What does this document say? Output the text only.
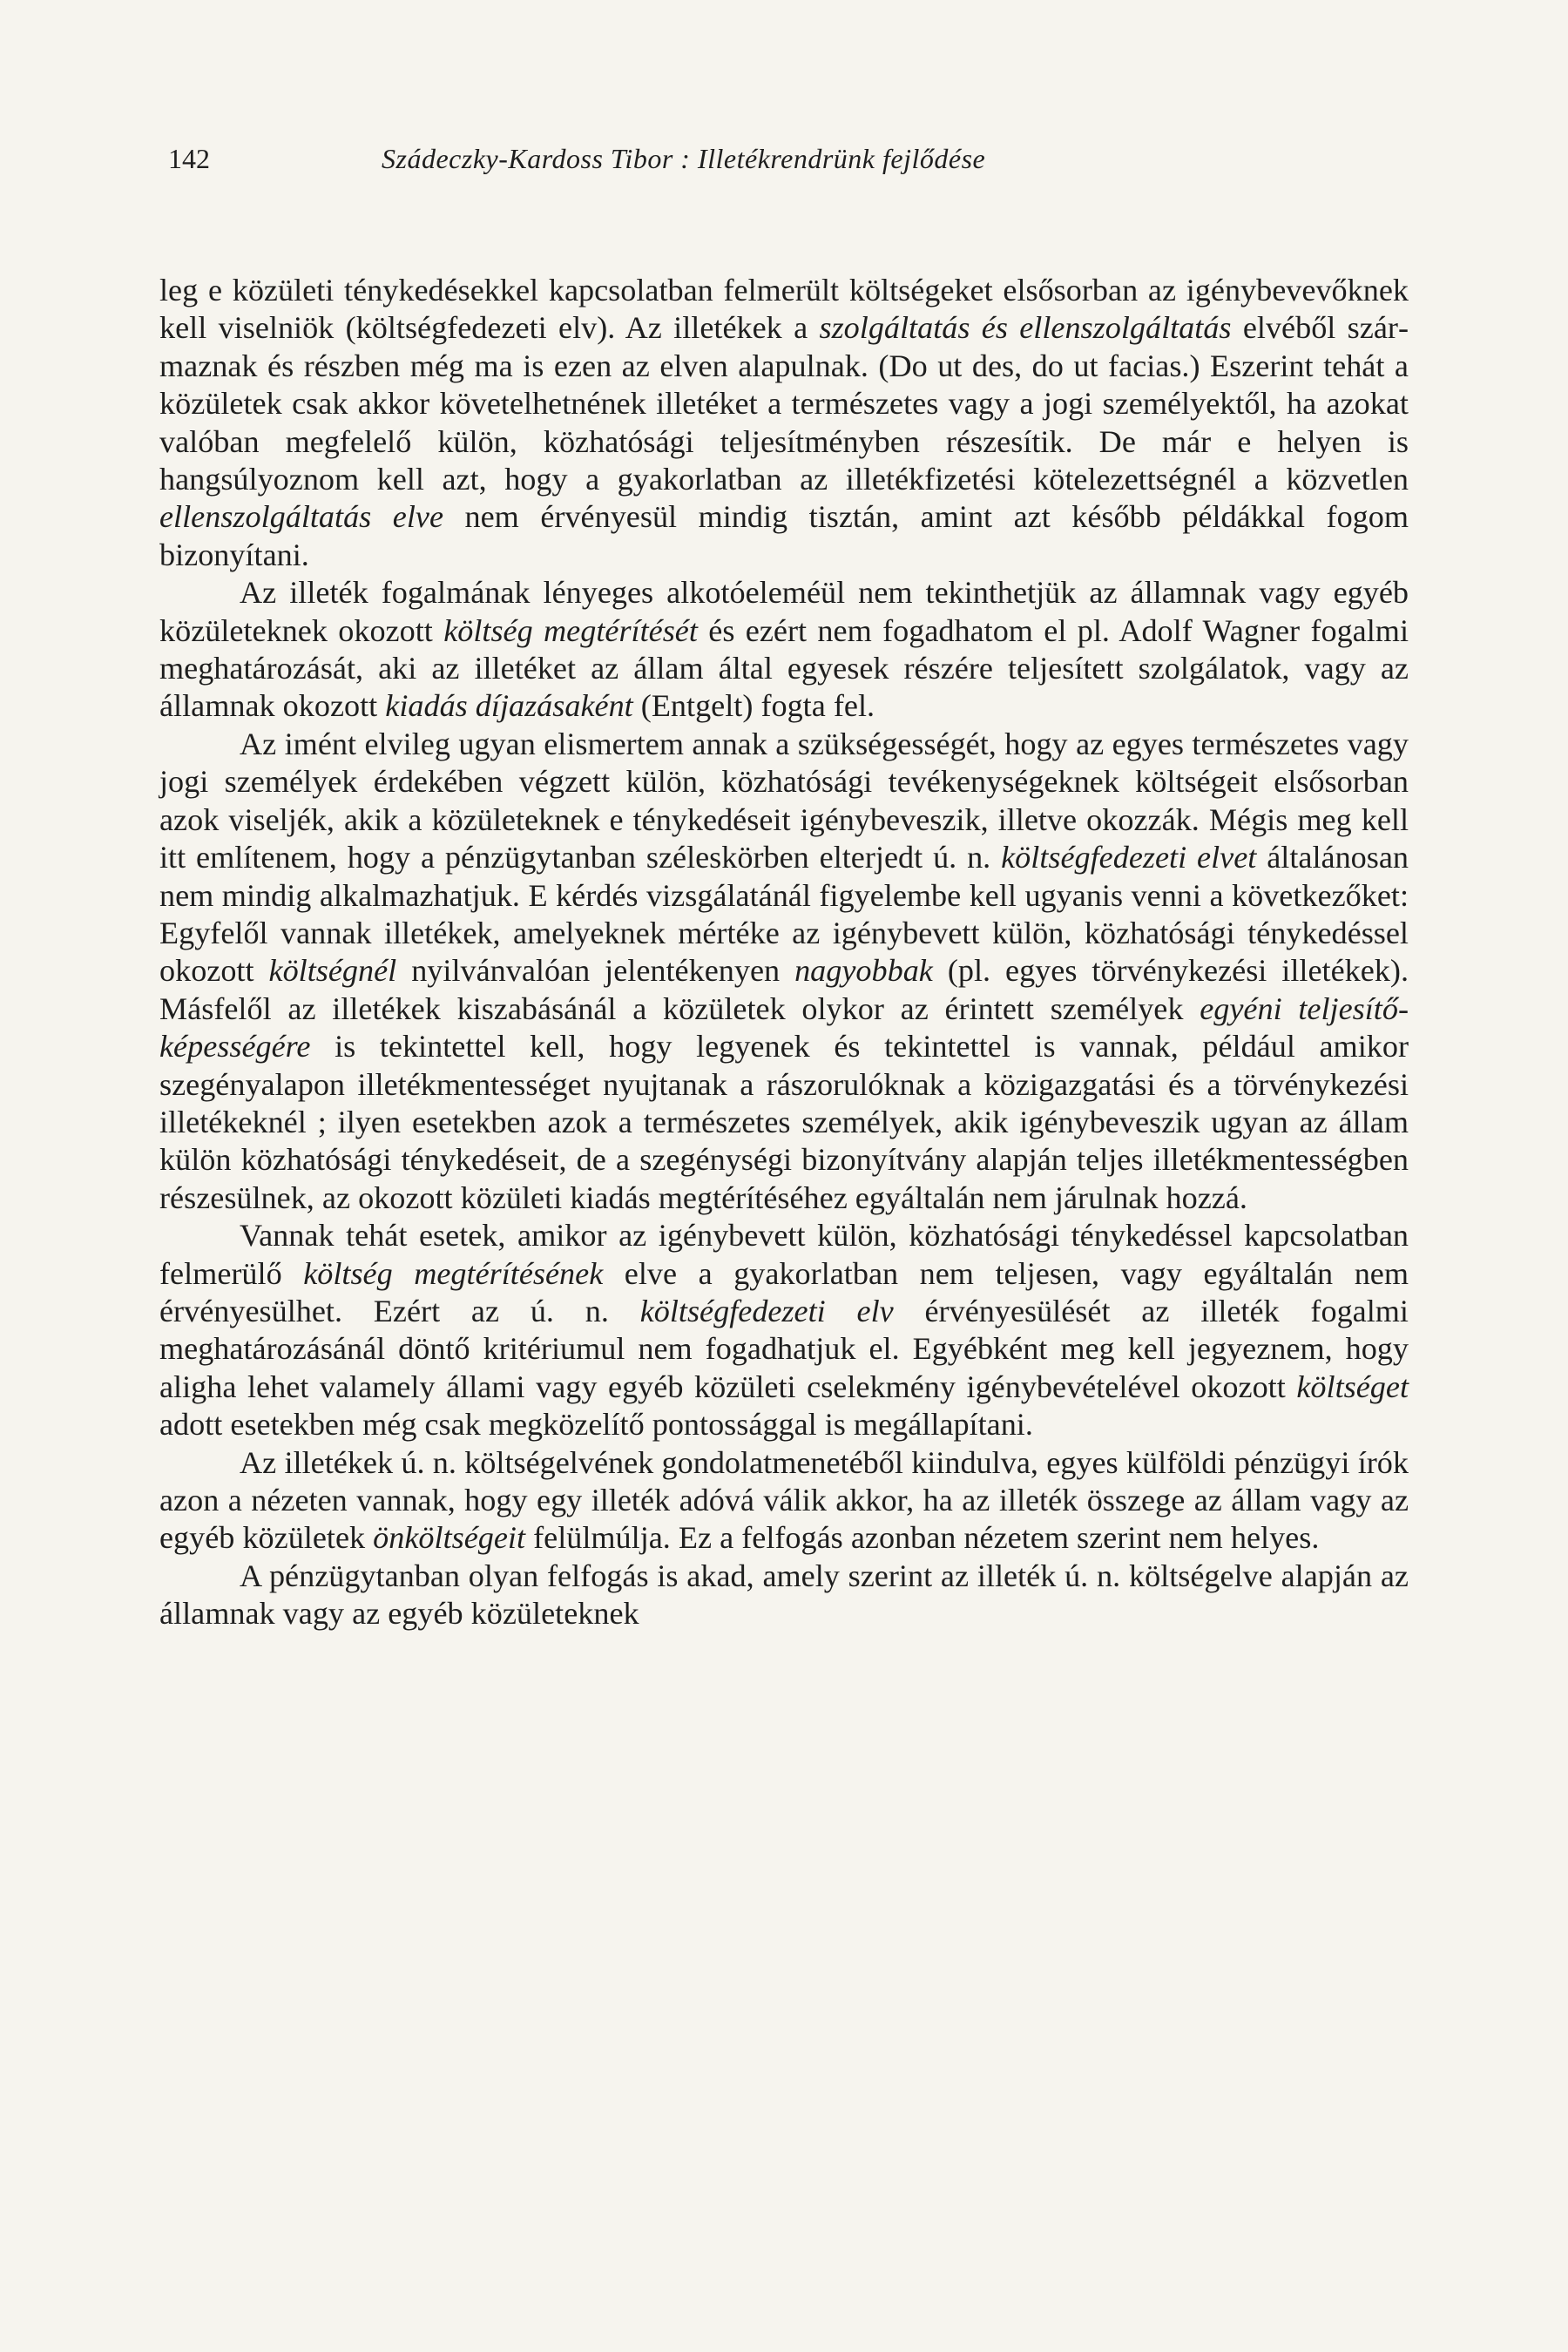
142	Szádeczky-Kardoss Tibor : Illetékrendrünk fejlődése

leg e közületi ténykedésekkel kapcsolatban felmerült költségeket elsősorban az igénybevevőknek kell viselniök (költségfedezeti elv). Az illetékek a szolgáltatás és ellenszolgáltatás elvéből származnak és részben még ma is ezen az elven alapulnak. (Do ut des, do ut facias.) Eszerint tehát a közületek csak akkor követelhetnének illetéket a természetes vagy a jogi személyektől, ha azokat valóban megfelelő külön, közhatósági teljesítményben részesítik. De már e helyen is hangsúlyoznom kell azt, hogy a gyakorlatban az illetékfizetési kötelezettségnél a közvetlen ellenszolgáltatás elve nem érvényesül mindig tisztán, amint azt később példákkal fogom bizonyítani.

Az illeték fogalmának lényeges alkotóeleméül nem tekinthetjük az államnak vagy egyéb közületeknek okozott költség megtérítését és ezért nem fogadhatom el pl. Adolf Wagner fogalmi meghatározását, aki az illetéket az állam által egyesek részére teljesített szolgálatok, vagy az államnak okozott kiadás díjazásaként (Entgelt) fogta fel.

Az imént elvileg ugyan elismertem annak a szükségességét, hogy az egyes természetes vagy jogi személyek érdekében végzett külön, közhatósági tevékenységeknek költségeit elsősorban azok viseljék, akik a közületeknek e ténykedéseit igénybeveszik, illetve okozzák. Mégis meg kell itt említenem, hogy a pénzügytanban széleskörben elterjedt ú. n. költségfedezeti elvet általánosan nem mindig alkalmazhatjuk. E kérdés vizsgálatánál figyelembe kell ugyanis venni a következőket: Egyfelől vannak illetékek, amelyeknek mértéke az igénybevett külön, közhatósági ténykedéssel okozott költségnél nyilvánvalóan jelentékenyen nagyobbak (pl. egyes törvénykezési illetékek). Másfelől az illetékek kiszabásánál a közületek olykor az érintett személyek egyéni teljesítőképességére is tekintettel kell, hogy legyenek és tekintettel is vannak, például amikor szegényalapon illetékmentességet nyujtanak a rászorulóknak a közigazgatási és a törvénykezési illetékeknél ; ilyen esetekben azok a természetes személyek, akik igénybeveszik ugyan az állam külön közhatósági ténykedéseit, de a szegénységi bizonyítvány alapján teljes illetékmentességben részesülnek, az okozott közületi kiadás megtérítéséhez egyáltalán nem járulnak hozzá.

Vannak tehát esetek, amikor az igénybevett külön, közhatósági ténykedéssel kapcsolatban felmerülő költség megtérítésének elve a gyakorlatban nem teljesen, vagy egyáltalán nem érvényesülhet. Ezért az ú. n. költségfedezeti elv érvényesülését az illeték fogalmi meghatározásánál döntő kritériumul nem fogadhatjuk el. Egyébként meg kell jegyeznem, hogy aligha lehet valamely állami vagy egyéb közületi cselekmény igénybevételével okozott költséget adott esetekben még csak megközelítő pontossággal is megállapítani.

Az illetékek ú. n. költségelvének gondolatmenetéből kiindulva, egyes külföldi pénzügyi írók azon a nézeten vannak, hogy egy illeték adóvá válik akkor, ha az illeték összege az állam vagy az egyéb közületek önköltségeit felülmúlja. Ez a felfogás azonban nézetem szerint nem helyes.

A pénzügytanban olyan felfogás is akad, amely szerint az illeték ú. n. költségelve alapján az államnak vagy az egyéb közületeknek
